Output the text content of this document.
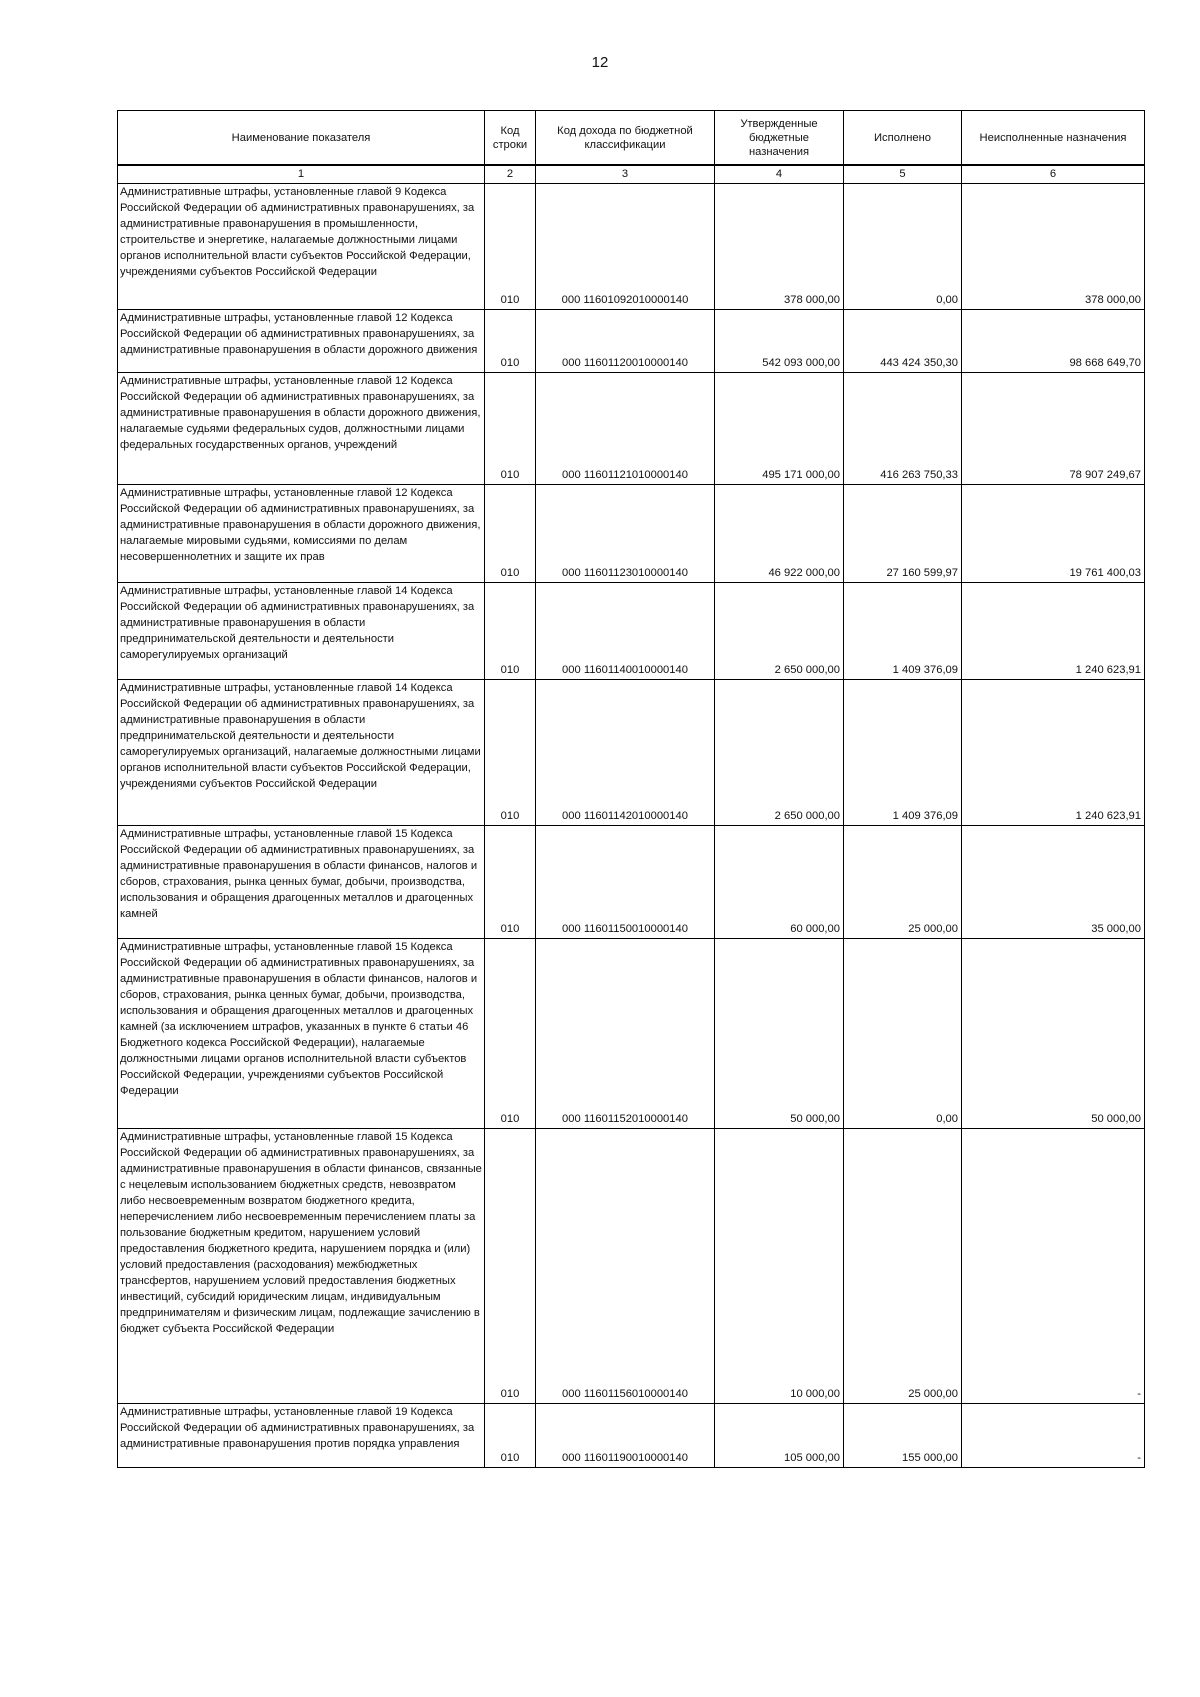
12
Наименование показателя	Код строки	Код дохода по бюджетной классификации	Утвержденные бюджетные назначения	Исполнено	Неисполненные назначения
1	2	3	4	5	6
Административные штрафы, установленные главой 9 Кодекса Российской Федерации об административных правонарушениях, за административные правонарушения в промышленности, строительстве и энергетике, налагаемые должностными лицами органов исполнительной власти субъектов Российской Федерации, учреждениями субъектов Российской Федерации	010	000 11601092010000140	378 000,00	0,00	378 000,00
Административные штрафы, установленные главой 12 Кодекса Российской Федерации об административных правонарушениях, за административные правонарушения в области дорожного движения	010	000 11601120010000140	542 093 000,00	443 424 350,30	98 668 649,70
Административные штрафы, установленные главой 12 Кодекса Российской Федерации об административных правонарушениях, за административные правонарушения в области дорожного движения, налагаемые судьями федеральных судов, должностными лицами федеральных государственных органов, учреждений	010	000 11601121010000140	495 171 000,00	416 263 750,33	78 907 249,67
Административные штрафы, установленные главой 12 Кодекса Российской Федерации об административных правонарушениях, за административные правонарушения в области дорожного движения, налагаемые мировыми судьями, комиссиями по делам несовершеннолетних и защите их прав	010	000 11601123010000140	46 922 000,00	27 160 599,97	19 761 400,03
Административные штрафы, установленные главой 14 Кодекса Российской Федерации об административных правонарушениях, за административные правонарушения в области предпринимательской деятельности и деятельности саморегулируемых организаций	010	000 11601140010000140	2 650 000,00	1 409 376,09	1 240 623,91
Административные штрафы, установленные главой 14 Кодекса Российской Федерации об административных правонарушениях, за административные правонарушения в области предпринимательской деятельности и деятельности саморегулируемых организаций, налагаемые должностными лицами органов исполнительной власти субъектов Российской Федерации, учреждениями субъектов Российской Федерации	010	000 11601142010000140	2 650 000,00	1 409 376,09	1 240 623,91
Административные штрафы, установленные главой 15 Кодекса Российской Федерации об административных правонарушениях, за административные правонарушения в области финансов, налогов и сборов, страхования, рынка ценных бумаг, добычи, производства, использования и обращения драгоценных металлов и драгоценных камней	010	000 11601150010000140	60 000,00	25 000,00	35 000,00
Административные штрафы, установленные главой 15 Кодекса Российской Федерации об административных правонарушениях, за административные правонарушения в области финансов, налогов и сборов, страхования, рынка ценных бумаг, добычи, производства, использования и обращения драгоценных металлов и драгоценных камней (за исключением штрафов, указанных в пункте 6 статьи 46 Бюджетного кодекса Российской Федерации), налагаемые должностными лицами органов исполнительной власти субъектов Российской Федерации, учреждениями субъектов Российской Федерации	010	000 11601152010000140	50 000,00	0,00	50 000,00
Административные штрафы, установленные главой 15 Кодекса Российской Федерации об административных правонарушениях, за административные правонарушения в области финансов, связанные с нецелевым использованием бюджетных средств, невозвратом либо несвоевременным возвратом бюджетного кредита, неперечислением либо несвоевременным перечислением платы за пользование бюджетным кредитом, нарушением условий предоставления бюджетного кредита, нарушением порядка и (или) условий предоставления (расходования) межбюджетных трансфертов, нарушением условий предоставления бюджетных инвестиций, субсидий юридическим лицам, индивидуальным предпринимателям и физическим лицам, подлежащие зачислению в бюджет субъекта Российской Федерации	010	000 11601156010000140	10 000,00	25 000,00	-
Административные штрафы, установленные главой 19 Кодекса Российской Федерации об административных правонарушениях, за административные правонарушения против порядка управления	010	000 11601190010000140	105 000,00	155 000,00	-
